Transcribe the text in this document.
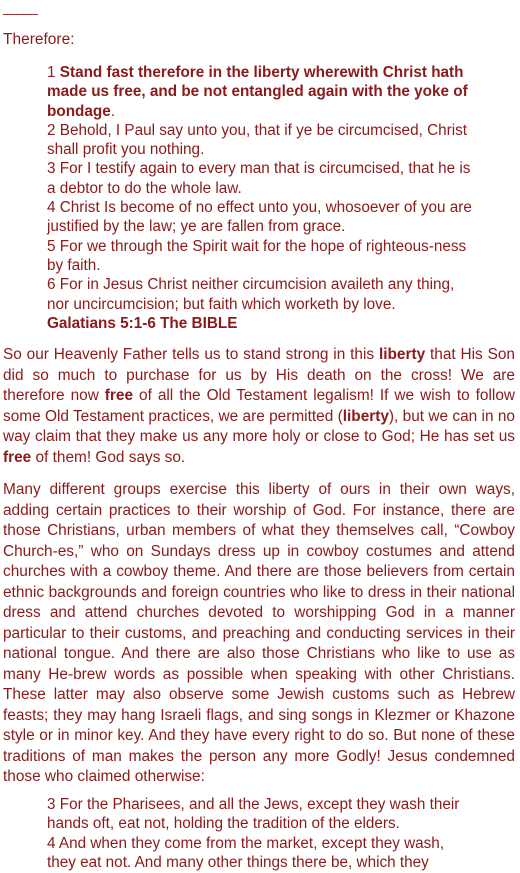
_____
Therefore:

1 Stand fast therefore in the liberty wherewith Christ hath made us free, and be not entangled again with the yoke of bondage.

2 Behold, I Paul say unto you, that if ye be circumcised, Christ shall profit you nothing.

3 For I testify again to every man that is circumcised, that he is a debtor to do the whole law.

4 Christ Is become of no effect unto you, whosoever of you are justified by the law; ye are fallen from grace.

5 For we through the Spirit wait for the hope of righteous-ness by faith.

6 For in Jesus Christ neither circumcision availeth any thing, nor uncircumcision; but faith which worketh by love.

Galatians 5:1-6 The BIBLE

So our Heavenly Father tells us to stand strong in this liberty that His Son did so much to purchase for us by His death on the cross! We are therefore now free of all the Old Testament legalism! If we wish to follow some Old Testament practices, we are permitted (liberty), but we can in no way claim that they make us any more holy or close to God; He has set us free of them! God says so.

Many different groups exercise this liberty of ours in their own ways, adding certain practices to their worship of God. For instance, there are those Christians, urban members of what they themselves call, “Cowboy Church-es,” who on Sundays dress up in cowboy costumes and attend churches with a cowboy theme. And there are those believers from certain ethnic backgrounds and foreign countries who like to dress in their national dress and attend churches devoted to worshipping God in a manner particular to their customs, and preaching and conducting services in their national tongue. And there are also those Christians who like to use as many He-brew words as possible when speaking with other Christians. These latter may also observe some Jewish customs such as Hebrew feasts; they may hang Israeli flags, and sing songs in Klezmer or Khazone style or in minor key. And they have every right to do so. But none of these traditions of man makes the person any more Godly! Jesus condemned those who claimed otherwise:

3 For the Pharisees, and all the Jews, except they wash their hands oft, eat not, holding the tradition of the elders.

4 And when they come from the market, except they wash, they eat not. And many other things there be, which they
